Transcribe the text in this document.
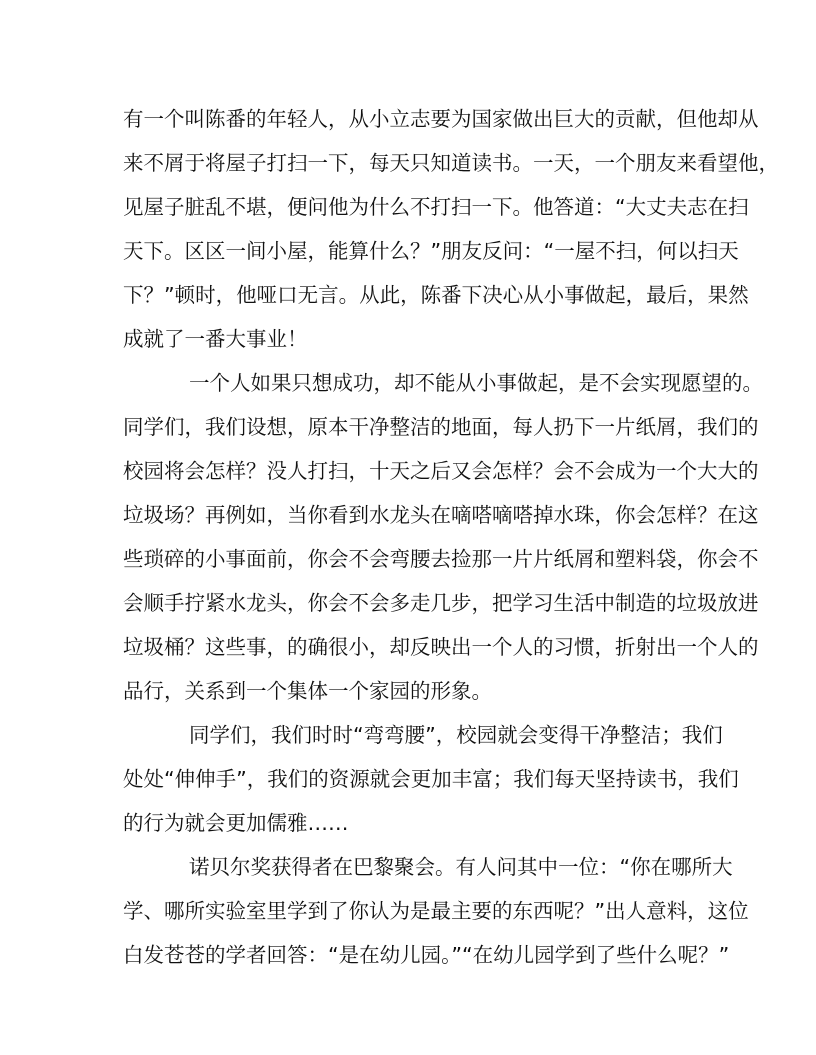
有一个叫陈番的年轻人，从小立志要为国家做出巨大的贡献，但他却从
来不屑于将屋子打扫一下，每天只知道读书。一天，一个朋友来看望他，
见屋子脏乱不堪，便问他为什么不打扫一下。他答道：“大丈夫志在扫
天下。区区一间小屋，能算什么？”朋友反问：“一屋不扫，何以扫天
下？”顿时，他哑口无言。从此，陈番下决心从小事做起，最后，果然
成就了一番大事业！
一个人如果只想成功，却不能从小事做起，是不会实现愿望的。
同学们，我们设想，原本干净整洁的地面，每人扔下一片纸屑，我们的
校园将会怎样？没人打扫，十天之后又会怎样？会不会成为一个大大的
垃圾场？再例如，当你看到水龙头在嘀嗒嘀嗒掉水珠，你会怎样？在这
些琐碎的小事面前，你会不会弯腰去捡那一片片纸屑和塑料袋，你会不
会顺手拧紧水龙头，你会不会多走几步，把学习生活中制造的垃圾放进
垃圾桶？这些事，的确很小，却反映出一个人的习惯，折射出一个人的
品行，关系到一个集体一个家园的形象。
同学们，我们时时“弯弯腰”，校园就会变得干净整洁；我们
处处“伸伸手”，我们的资源就会更加丰富；我们每天坚持读书，我们
的行为就会更加儒雅……
诺贝尔奖获得者在巴黎聚会。有人问其中一位：“你在哪所大
学、哪所实验室里学到了你认为是最主要的东西呢？”出人意料，这位
白发苍苍的学者回答：“是在幼儿园。”“在幼儿园学到了些什么呢？”
